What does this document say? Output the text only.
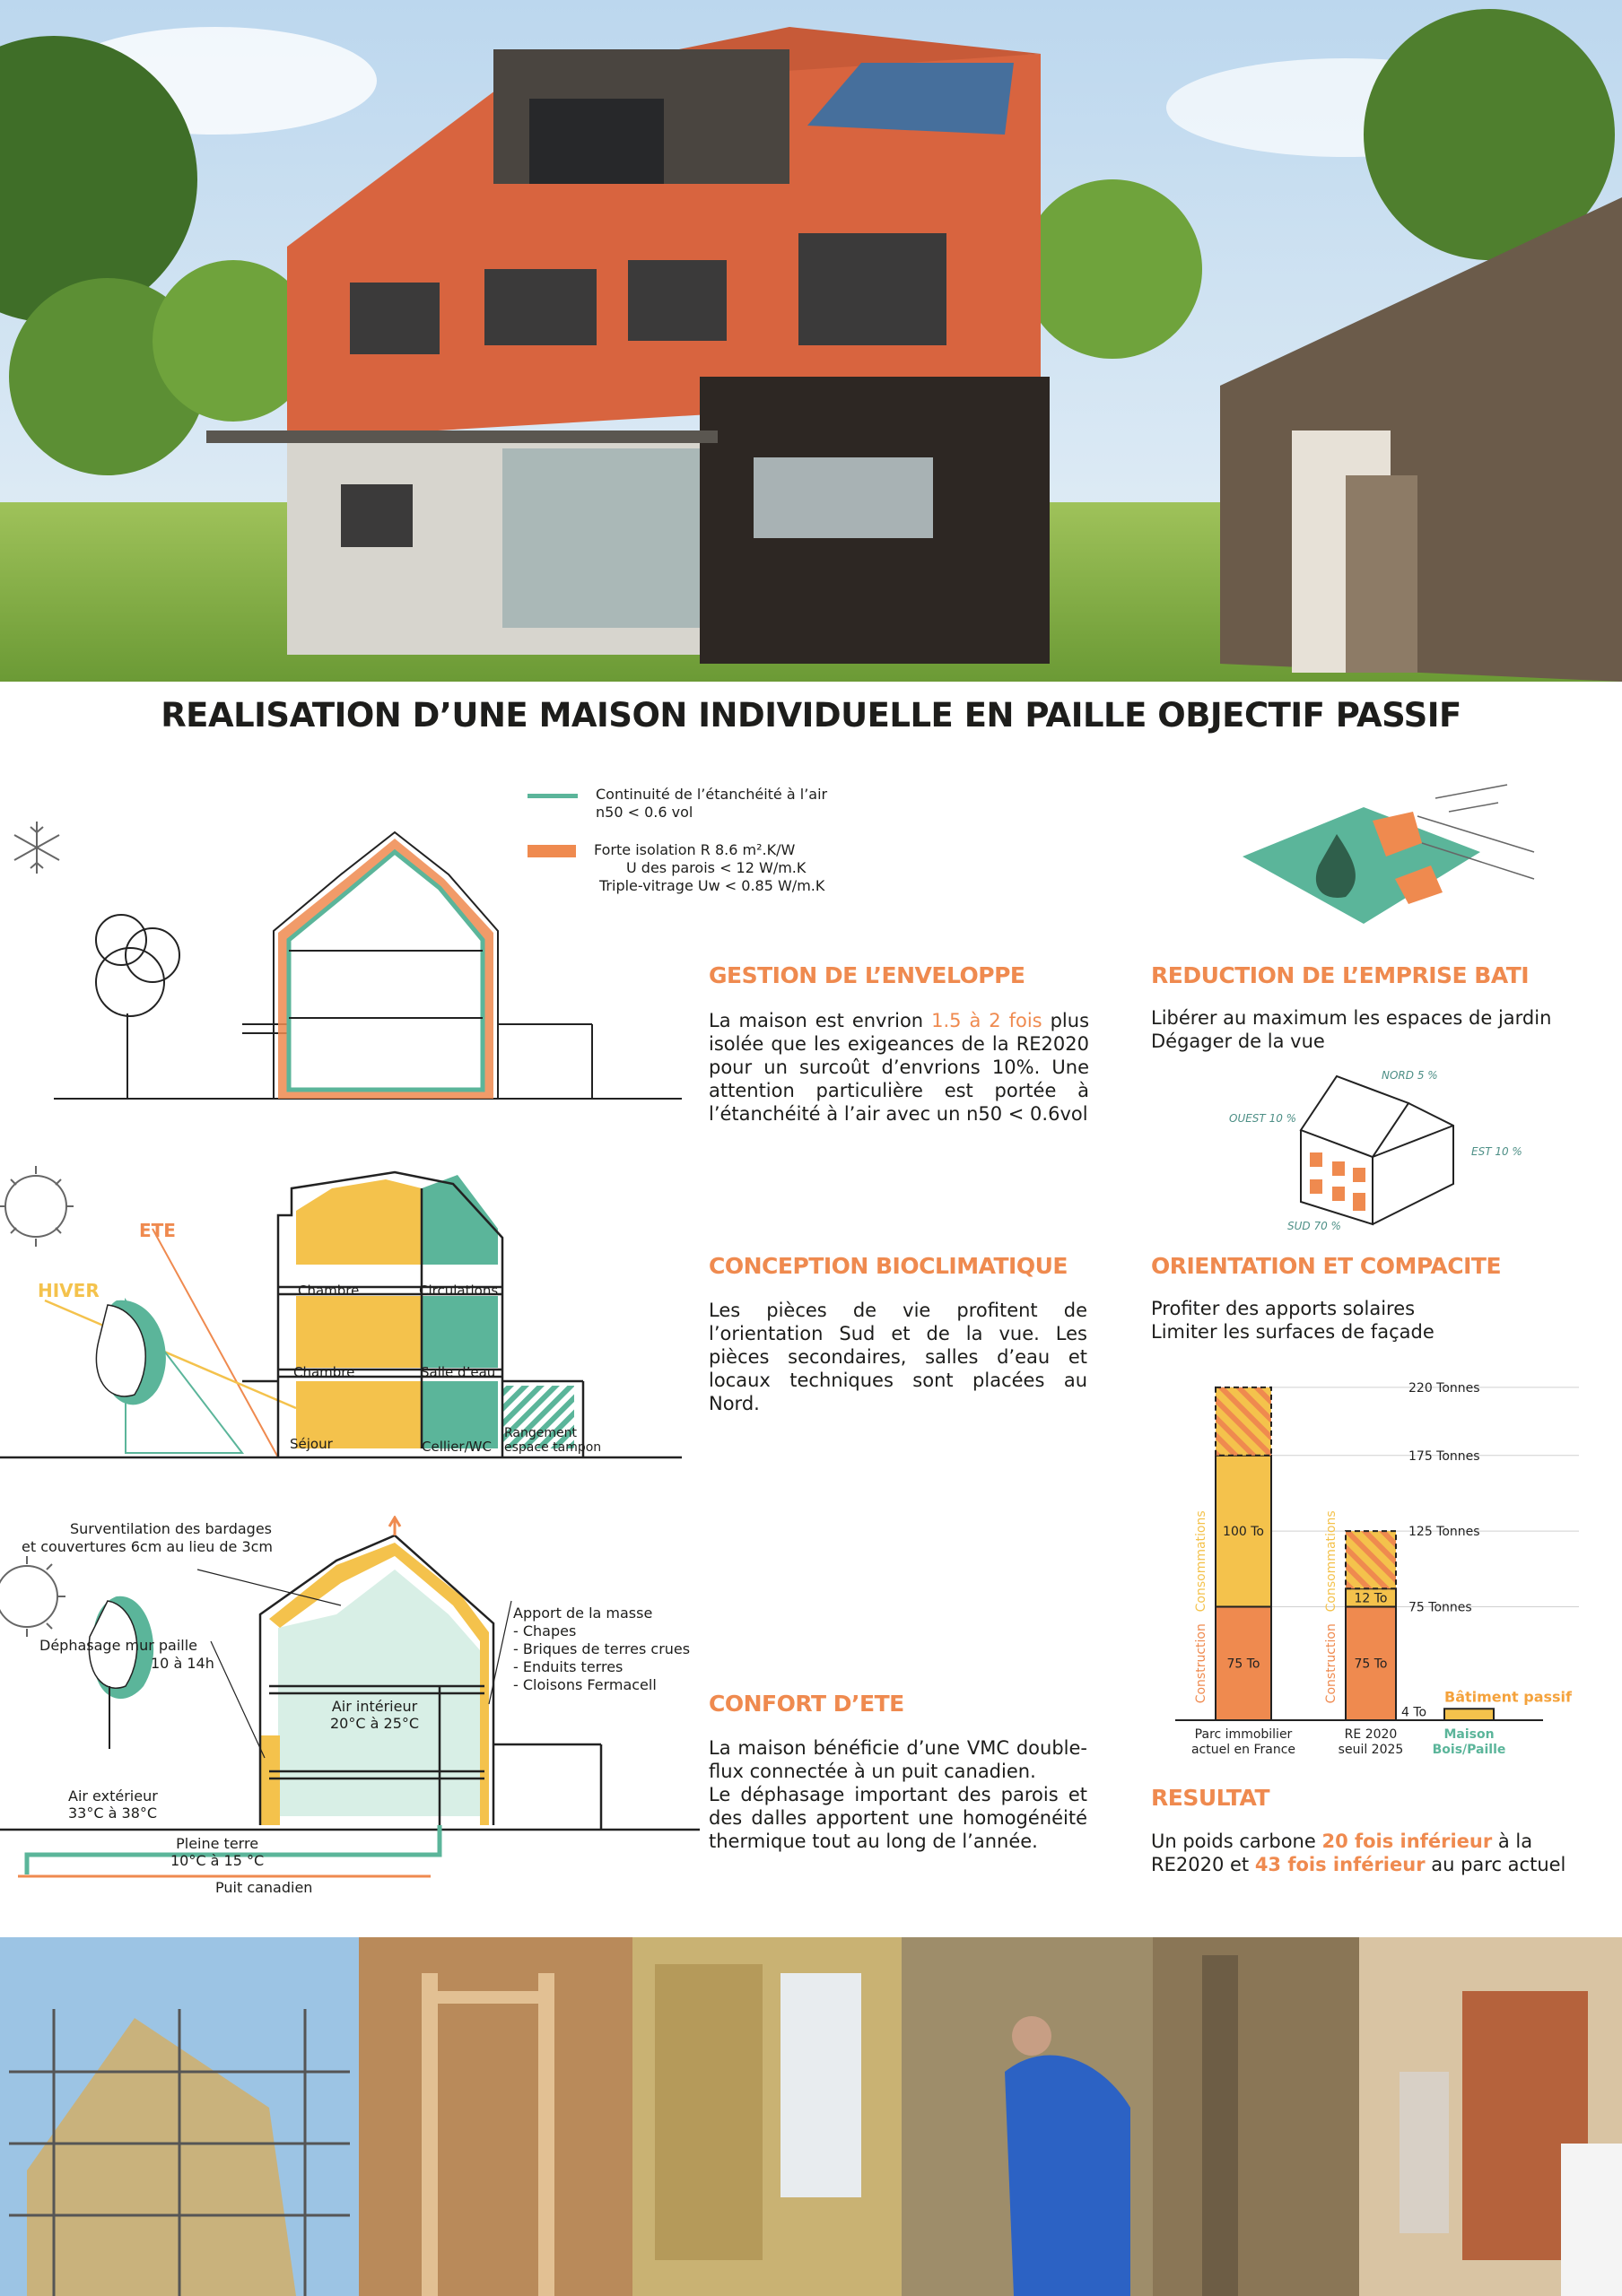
REALISATION D’UNE MAISON INDIVIDUELLE EN PAILLE OBJECTIF PASSIF
Continuité de l’étanchéité à l’air
n50 < 0.6 vol
Forte isolation R 8.6 m².K/W
U des parois < 12 W/m.K
Triple-vitrage Uw < 0.85 W/m.K
GESTION DE L’ENVELOPPE
La maison est envrion 1.5 à 2 fois plus isolée que les exigeances de la RE2020 pour un surcoût d’envrions 10%. Une attention particulière est portée à l’étanchéité à l’air avec un n50 < 0.6vol
REDUCTION DE L’EMPRISE BATI
Libérer au maximum les espaces de jardin
Dégager de la vue
NORD 5 %
OUEST 10 %
EST 10 %
SUD 70 %
ETE
HIVER	Chambre	Circulations
Chambre	Salle d’eau
Séjour	Cellier/WC
Rangement
espace tampon
CONCEPTION BIOCLIMATIQUE
Les pièces de vie profitent de l’orientation Sud et de la vue. Les pièces secondaires, salles d’eau et locaux techniques sont placées au Nord.
ORIENTATION ET COMPACITE
Profiter des apports solaires
Limiter les surfaces de façade
220 Tonnes
175 Tonnes
125 Tonnes
75 Tonnes
75 To
100 To
Construction
Consommations
Parc immobilier
actuel en France
75 To
12 To
Construction
Consommations
RE 2020
seuil 2025
4 To
Bâtiment passif
Maison
Bois/Paille
Surventilation des bardages
et couvertures 6cm au lieu de 3cm
Déphasage mur paille
10 à 14h
Apport de la masse
- Chapes
- Briques de terres crues
- Enduits terres
- Cloisons Fermacell
Air intérieur
20°C à 25°C
Air extérieur
33°C à 38°C
Pleine terre
10°C à 15 °C
Puit canadien
CONFORT D’ETE
La maison bénéficie d’une VMC double-flux connectée à un puit canadien.
Le déphasage important des parois et des dalles apportent une homogénéité thermique tout au long de l’année.
RESULTAT
Un poids carbone 20 fois inférieur à la RE2020 et 43 fois inférieur au parc actuel
